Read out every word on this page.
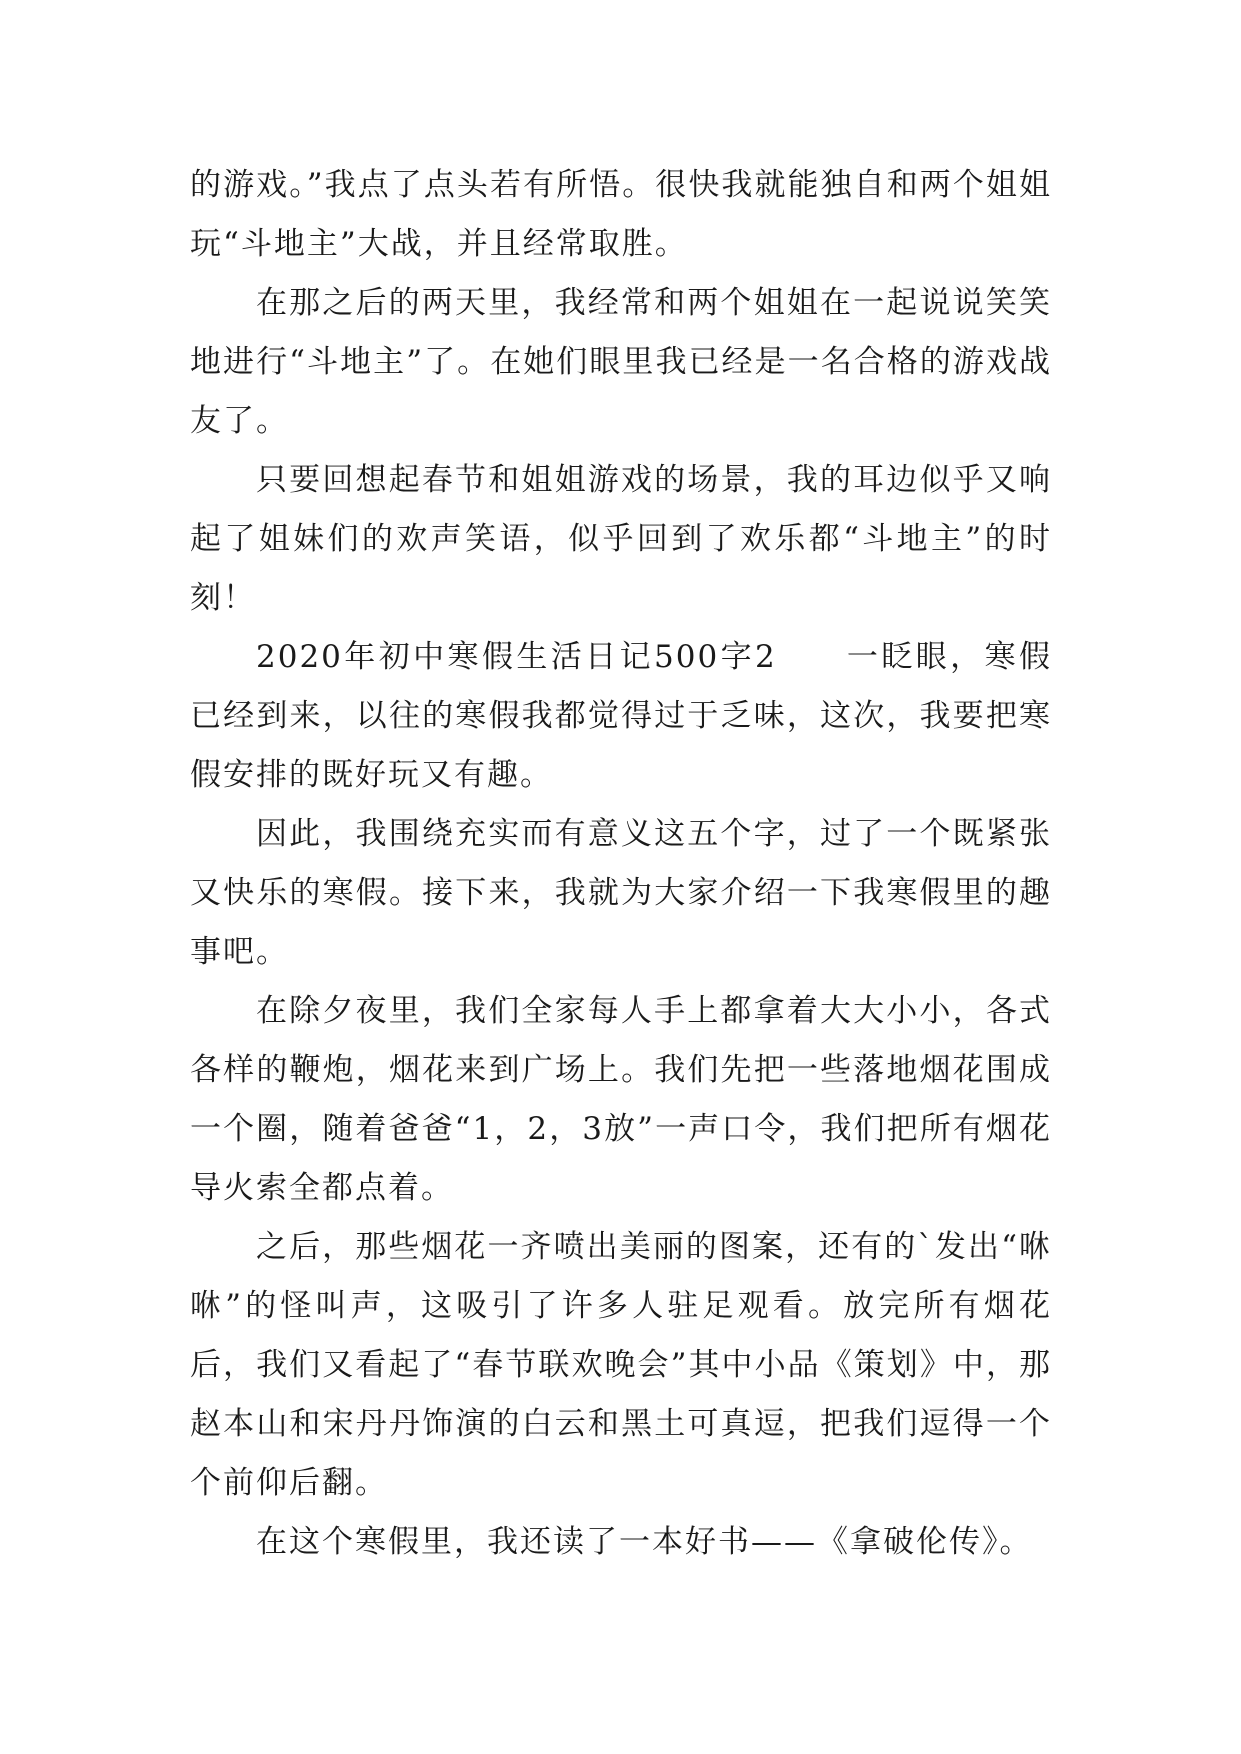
的游戏。”我点了点头若有所悟。很快我就能独自和两个姐姐玩“斗地主”大战，并且经常取胜。

在那之后的两天里，我经常和两个姐姐在一起说说笑笑地进行“斗地主”了。在她们眼里我已经是一名合格的游戏战友了。

只要回想起春节和姐姐游戏的场景，我的耳边似乎又响起了姐妹们的欢声笑语，似乎回到了欢乐都“斗地主”的时刻！

2020年初中寒假生活日记500字2　　一眨眼，寒假已经到来，以往的寒假我都觉得过于乏味，这次，我要把寒假安排的既好玩又有趣。

因此，我围绕充实而有意义这五个字，过了一个既紧张又快乐的寒假。接下来，我就为大家介绍一下我寒假里的趣事吧。

在除夕夜里，我们全家每人手上都拿着大大小小，各式各样的鞭炮，烟花来到广场上。我们先把一些落地烟花围成一个圈，随着爸爸“1，2，3放”一声口令，我们把所有烟花导火索全都点着。

之后，那些烟花一齐喷出美丽的图案，还有的`发出“咻咻”的怪叫声，这吸引了许多人驻足观看。放完所有烟花后，我们又看起了“春节联欢晚会”其中小品《策划》中，那赵本山和宋丹丹饰演的白云和黑土可真逗，把我们逗得一个个前仰后翻。

在这个寒假里，我还读了一本好书——《拿破伦传》。
